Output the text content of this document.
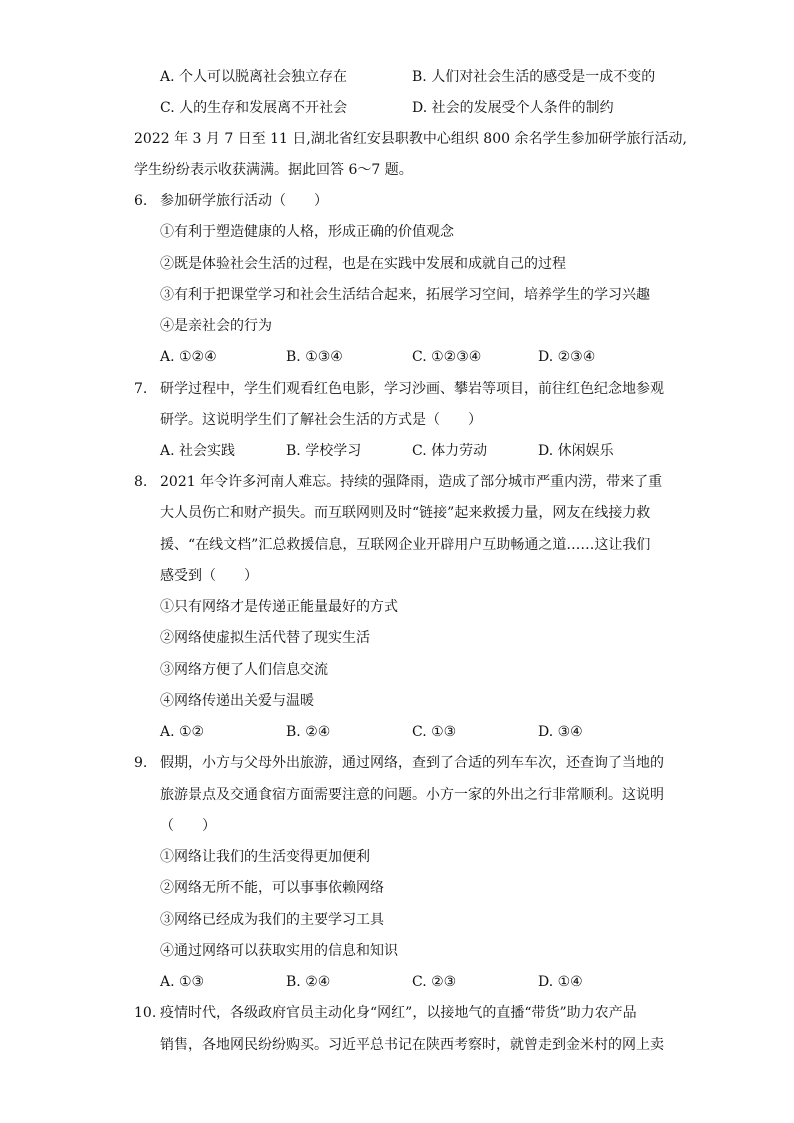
A. 个人可以脱离社会独立存在	B. 人们对社会生活的感受是一成不变的
C. 人的生存和发展离不开社会	D. 社会的发展受个人条件的制约
2022 年 3 月 7 日至 11 日,湖北省红安县职教中心组织 800 余名学生参加研学旅行活动,
学生纷纷表示收获满满。据此回答 6～7 题。
6. 参加研学旅行活动（　　）
①有利于塑造健康的人格，形成正确的价值观念
②既是体验社会生活的过程，也是在实践中发展和成就自己的过程
③有利于把课堂学习和社会生活结合起来，拓展学习空间，培养学生的学习兴趣
④是亲社会的行为
A. ①②④	B. ①③④	C. ①②③④	D. ②③④
7. 研学过程中，学生们观看红色电影，学习沙画、攀岩等项目，前往红色纪念地参观
研学。这说明学生们了解社会生活的方式是（　　）
A. 社会实践	B. 学校学习	C. 体力劳动	D. 休闲娱乐
8. 2021 年令许多河南人难忘。持续的强降雨，造成了部分城市严重内涝，带来了重
大人员伤亡和财产损失。而互联网则及时“链接”起来救援力量，网友在线接力救
援、“在线文档”汇总救援信息，互联网企业开辟用户互助畅通之道……这让我们
感受到（　　）
①只有网络才是传递正能量最好的方式
②网络使虚拟生活代替了现实生活
③网络方便了人们信息交流
④网络传递出关爱与温暖
A. ①②	B. ②④	C. ①③	D. ③④
9. 假期，小方与父母外出旅游，通过网络，查到了合适的列车车次，还查询了当地的
旅游景点及交通食宿方面需要注意的问题。小方一家的外出之行非常顺利。这说明
（　　）
①网络让我们的生活变得更加便利
②网络无所不能，可以事事依赖网络
③网络已经成为我们的主要学习工具
④通过网络可以获取实用的信息和知识
A. ①③	B. ②④	C. ②③	D. ①④
10. 疫情时代，各级政府官员主动化身“网红”，以接地气的直播“带货”助力农产品
销售，各地网民纷纷购买。习近平总书记在陕西考察时，就曾走到金米村的网上卖
